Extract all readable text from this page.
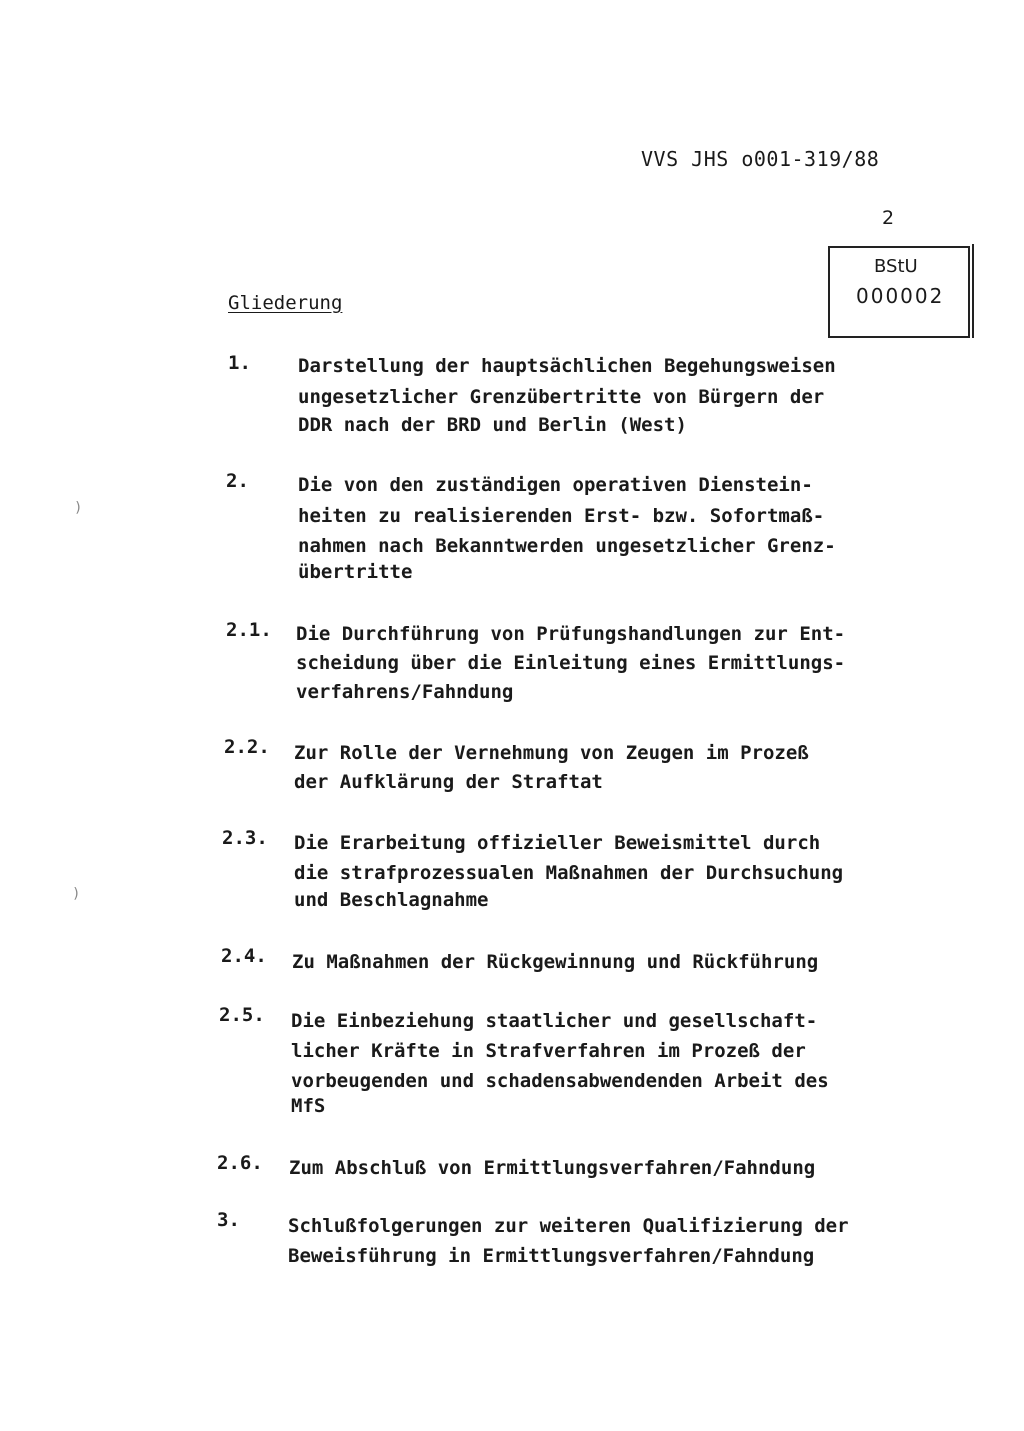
VVS JHS o001-319/88
2
BStU
000002
Gliederung
)
)
1. Darstellung der hauptsächlichen Begehungsweisen
ungesetzlicher Grenzübertritte von Bürgern der
DDR nach der BRD und Berlin (West)
2.	Die von den zuständigen operativen Dienstein-
heiten zu realisierenden Erst- bzw. Sofortmaß-
nahmen nach Bekanntwerden ungesetzlicher Grenz-
übertritte
2.1. Die Durchführung von Prüfungshandlungen zur Ent-
scheidung über die Einleitung eines Ermittlungs-
verfahrens/Fahndung
2.2. Zur Rolle der Vernehmung von Zeugen im Prozeß
der Aufklärung der Straftat
2.3. Die Erarbeitung offizieller Beweismittel durch
die strafprozessualen Maßnahmen der Durchsuchung
und Beschlagnahme
2.4. Zu Maßnahmen der Rückgewinnung und Rückführung
2.5. Die Einbeziehung staatlicher und gesellschaft-
licher Kräfte in Strafverfahren im Prozeß der
vorbeugenden und schadensabwendenden Arbeit des
MfS
2.6. Zum Abschluß von Ermittlungsverfahren/Fahndung
3.	Schlußfolgerungen zur weiteren Qualifizierung der
Beweisführung in Ermittlungsverfahren/Fahndung
